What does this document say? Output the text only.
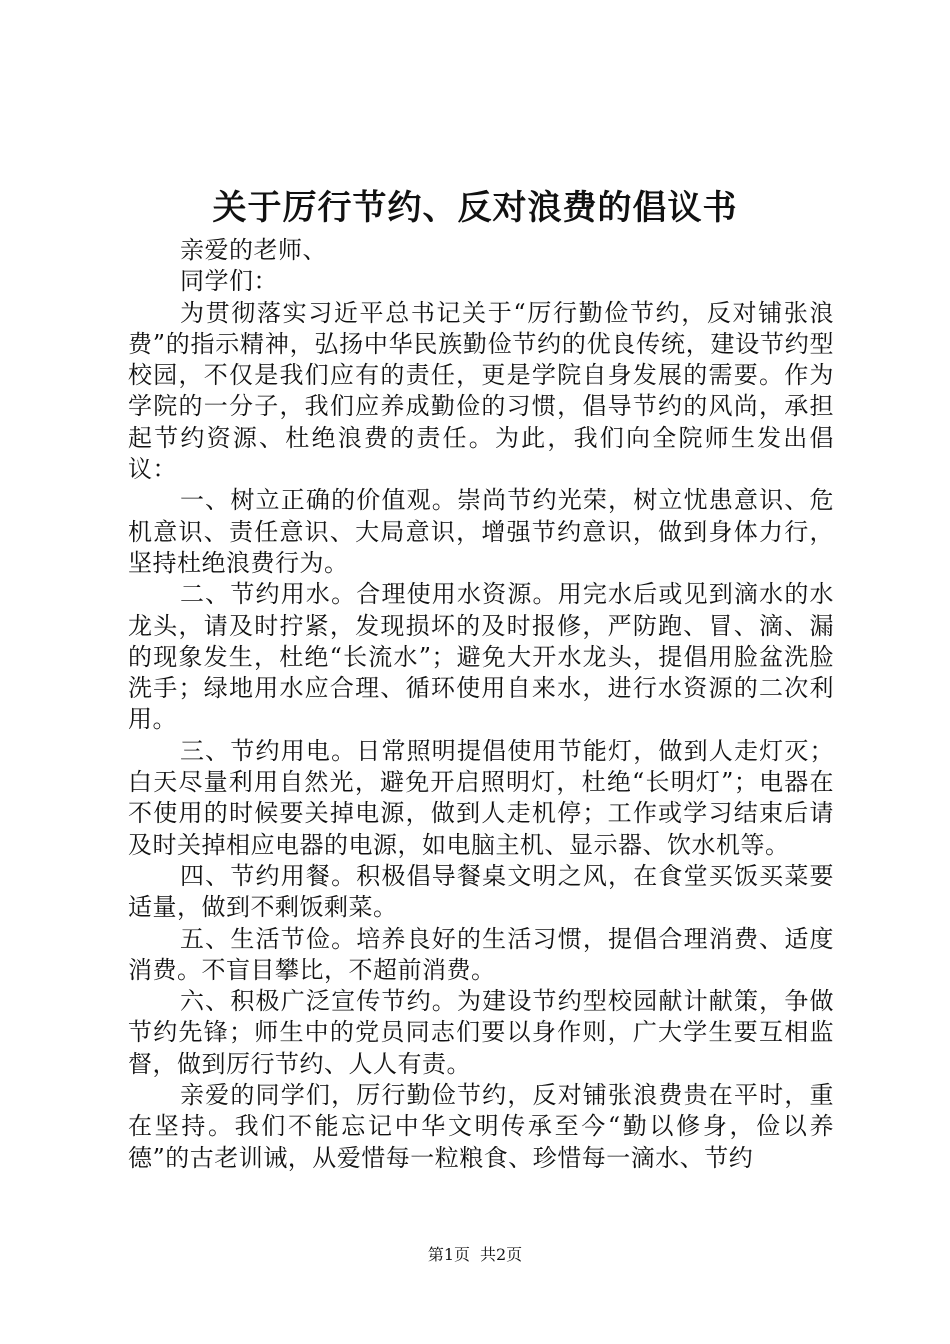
关于厉行节约、反对浪费的倡议书

亲爱的老师、

同学们：

为贯彻落实习近平总书记关于“厉行勤俭节约，反对铺张浪费”的指示精神，弘扬中华民族勤俭节约的优良传统，建设节约型校园，不仅是我们应有的责任，更是学院自身发展的需要。作为学院的一分子，我们应养成勤俭的习惯，倡导节约的风尚，承担起节约资源、杜绝浪费的责任。为此，我们向全院师生发出倡议：

一、树立正确的价值观。崇尚节约光荣，树立忧患意识、危机意识、责任意识、大局意识，增强节约意识，做到身体力行，坚持杜绝浪费行为。

二、节约用水。合理使用水资源。用完水后或见到滴水的水龙头，请及时拧紧，发现损坏的及时报修，严防跑、冒、滴、漏的现象发生，杜绝“长流水”；避免大开水龙头，提倡用脸盆洗脸洗手；绿地用水应合理、循环使用自来水，进行水资源的二次利用。

三、节约用电。日常照明提倡使用节能灯，做到人走灯灭；白天尽量利用自然光，避免开启照明灯，杜绝“长明灯”；电器在不使用的时候要关掉电源，做到人走机停；工作或学习结束后请及时关掉相应电器的电源，如电脑主机、显示器、饮水机等。

四、节约用餐。积极倡导餐桌文明之风，在食堂买饭买菜要适量，做到不剩饭剩菜。

五、生活节俭。培养良好的生活习惯，提倡合理消费、适度消费。不盲目攀比，不超前消费。

六、积极广泛宣传节约。为建设节约型校园献计献策，争做节约先锋；师生中的党员同志们要以身作则，广大学生要互相监督，做到厉行节约、人人有责。

亲爱的同学们，厉行勤俭节约，反对铺张浪费贵在平时，重在坚持。我们不能忘记中华文明传承至今“勤以修身，俭以养德”的古老训诫，从爱惜每一粒粮食、珍惜每一滴水、节约

第1页 共2页
